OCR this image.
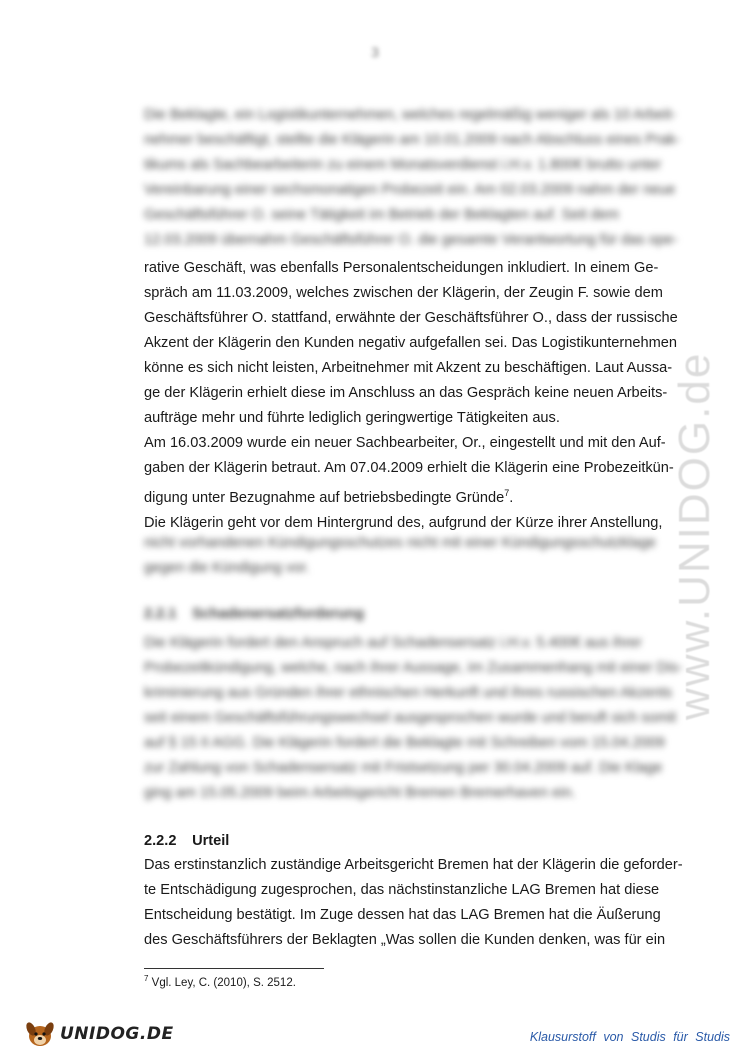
3
www.UNIDOG.de
Die Beklagte, ein Logistikunternehmen, welches regelmäßig weniger als 10 Arbeit-
nehmer beschäftigt, stellte die Klägerin am 10.01.2009 nach Abschluss eines Prak-
tikums als Sachbearbeiterin zu einem Monatsverdienst i.H.v. 1.800€ brutto unter
Vereinbarung einer sechsmonatigen Probezeit ein. Am 02.03.2009 nahm der neue
Geschäftsführer O. seine Tätigkeit im Betrieb der Beklagten auf. Seit dem
12.03.2009 übernahm Geschäftsführer O. die gesamte Verantwortung für das ope-
rative Geschäft, was ebenfalls Personalentscheidungen inkludiert. In einem Ge-
spräch am 11.03.2009, welches zwischen der Klägerin, der Zeugin F. sowie dem
Geschäftsführer O. stattfand, erwähnte der Geschäftsführer O., dass der russische
Akzent der Klägerin den Kunden negativ aufgefallen sei. Das Logistikunternehmen
könne es sich nicht leisten, Arbeitnehmer mit Akzent zu beschäftigen. Laut Aussa-
ge der Klägerin erhielt diese im Anschluss an das Gespräch keine neuen Arbeits-
aufträge mehr und führte lediglich geringwertige Tätigkeiten aus.
Am 16.03.2009 wurde ein neuer Sachbearbeiter, Or., eingestellt und mit den Auf-
gaben der Klägerin betraut. Am 07.04.2009 erhielt die Klägerin eine Probezeitkün-
digung unter Bezugnahme auf betriebsbedingte Gründe$^7$.
Die Klägerin geht vor dem Hintergrund des, aufgrund der Kürze ihrer Anstellung,
nicht vorhandenen Kündigungsschutzes nicht mit einer Kündigungsschutzklage
gegen die Kündigung vor.
2.2.1 Schadenersatzforderung
Die Klägerin fordert den Anspruch auf Schadensersatz i.H.v. 5.400€ aus ihrer
Probezeitkündigung, welche, nach ihrer Aussage, im Zusammenhang mit einer Dis-
kriminierung aus Gründen ihrer ethnischen Herkunft und ihres russischen Akzents
seit einem Geschäftsführungswechsel ausgesprochen wurde und beruft sich somit
auf § 15 II AGG. Die Klägerin fordert die Beklagte mit Schreiben vom 15.04.2009
zur Zahlung von Schadensersatz mit Fristsetzung per 30.04.2009 auf. Die Klage
ging am 15.05.2009 beim Arbeitsgericht Bremen Bremerhaven ein.
2.2.2 Urteil
Das erstinstanzlich zuständige Arbeitsgericht Bremen hat der Klägerin die geforder-
te Entschädigung zugesprochen, das nächstinstanzliche LAG Bremen hat diese
Entscheidung bestätigt. Im Zuge dessen hat das LAG Bremen hat die Äußerung
des Geschäftsführers der Beklagten „Was sollen die Kunden denken, was für ein
$^7$ Vgl. Ley, C. (2010), S. 2512.
UNIDOG.DE	Klausurstoff von Studis für Studis
